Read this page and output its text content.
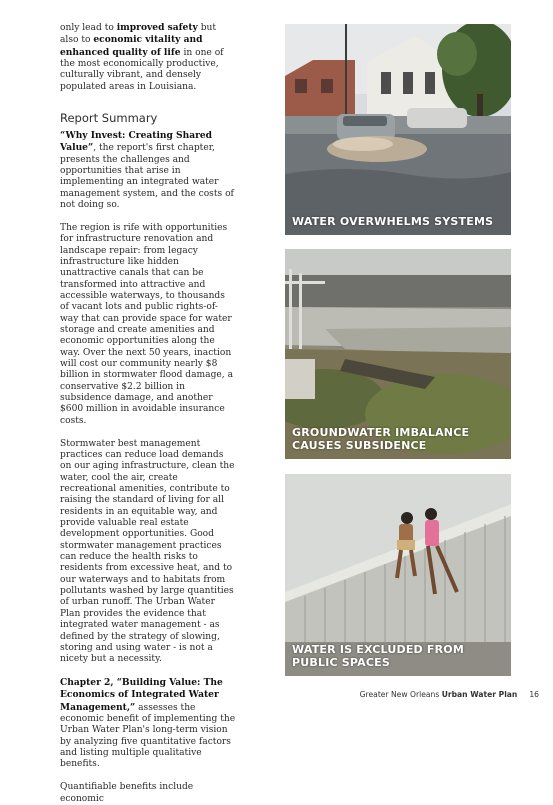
only lead to improved safety but also to economic vitality and enhanced quality of life in one of the most economically productive, culturally vibrant, and densely populated areas in Louisiana.

Report Summary

“Why Invest: Creating Shared Value”, the report's first chapter, presents the challenges and opportunities that arise in implementing an integrated water management system, and the costs of not doing so.

The region is rife with opportunities for infrastructure renovation and landscape repair: from legacy infrastructure like hidden unattractive canals that can be transformed into attractive and accessible waterways, to thousands of vacant lots and public rights-of-way that can provide space for water storage and create amenities and economic opportunities along the way. Over the next 50 years, inaction will cost our community nearly $8 billion in stormwater flood damage, a conservative $2.2 billion in subsidence damage, and another $600 million in avoidable insurance costs.

Stormwater best management practices can reduce load demands on our aging infrastructure, clean the water, cool the air, create recreational amenities, contribute to raising the standard of living for all residents in an equitable way, and provide valuable real estate development opportunities. Good stormwater management practices can reduce the health risks to residents from excessive heat, and to our waterways and to habitats from pollutants washed by large quantities of urban runoff. The Urban Water Plan provides the evidence that integrated water management - as defined by the strategy of slowing, storing and using water - is not a nicety but a necessity.

Chapter 2, “Building Value: The Economics of Integrated Water Management,” assesses the economic benefit of implementing the Urban Water Plan's long-term vision by analyzing five quantitative factors and listing multiple qualitative benefits.

Quantifiable benefits include economic

WATER OVERWHELMS SYSTEMS
GROUNDWATER IMBALANCE CAUSES SUBSIDENCE
WATER IS EXCLUDED FROM PUBLIC SPACES
Greater New Orleans Urban Water Plan 16
